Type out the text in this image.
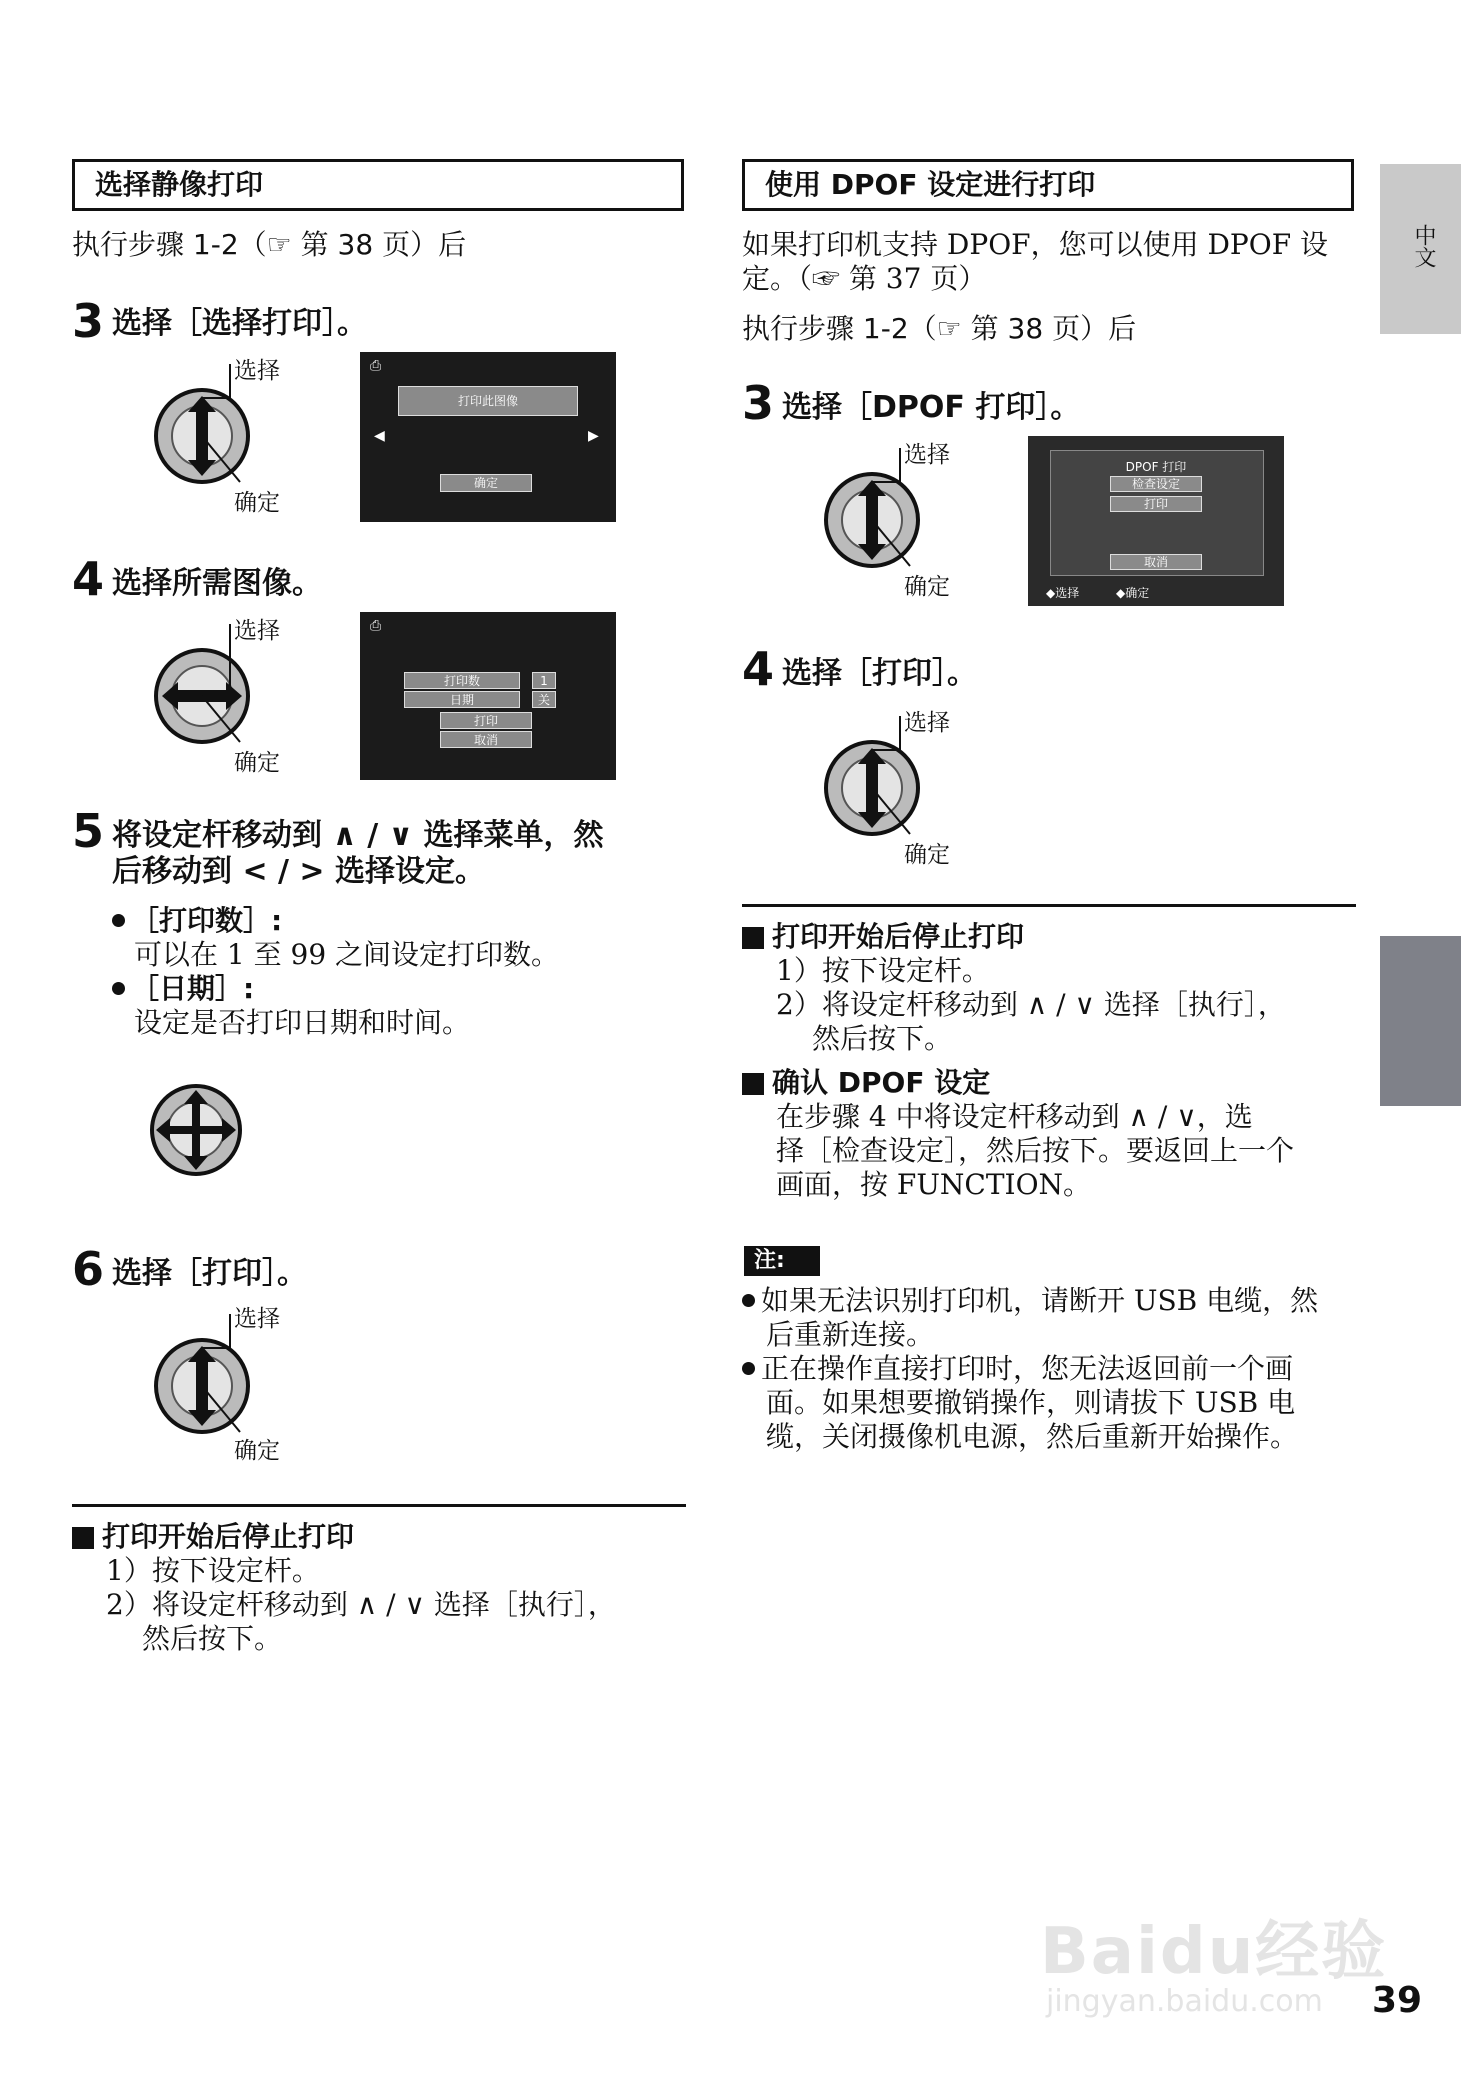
选择静像打印
执行步骤 1-2（☞ 第 38 页）后
3 选择［选择打印］。
选择
确定
⎙
打印此图像
◀	▶
确定
4 选择所需图像。
选择
确定
⎙
打印数	1
日期	关
打印
取消
5 将设定杆移动到 ∧ / ∨ 选择菜单，然
后移动到 < / > 选择设定。
［打印数］:
可以在 1 至 99 之间设定打印数。
［日期］:
设定是否打印日期和时间。
6 选择［打印］。
选择
确定
打印开始后停止打印
1）按下设定杆。
2）将设定杆移动到 ∧ / ∨ 选择［执行］，
然后按下。
使用 DPOF 设定进行打印
如果打印机支持 DPOF，您可以使用 DPOF 设
定。（☞ 第 37 页）
执行步骤 1-2（☞ 第 38 页）后
3 选择［DPOF 打印］。
选择
确定
DPOF 打印
检查设定
打印
取消
◆选择	◆确定
4 选择［打印］。
选择
确定
打印开始后停止打印
1）按下设定杆。
2）将设定杆移动到 ∧ / ∨ 选择［执行］，
然后按下。
确认 DPOF 设定
在步骤 4 中将设定杆移动到 ∧ / ∨，选
择［检查设定］，然后按下。要返回上一个
画面，按 FUNCTION。
注:
如果无法识别打印机，请断开 USB 电缆，然
后重新连接。
正在操作直接打印时，您无法返回前一个画
面。如果想要撤销操作，则请拔下 USB 电
缆，关闭摄像机电源，然后重新开始操作。
中文
Baidu经验
jingyan.baidu.com 39
